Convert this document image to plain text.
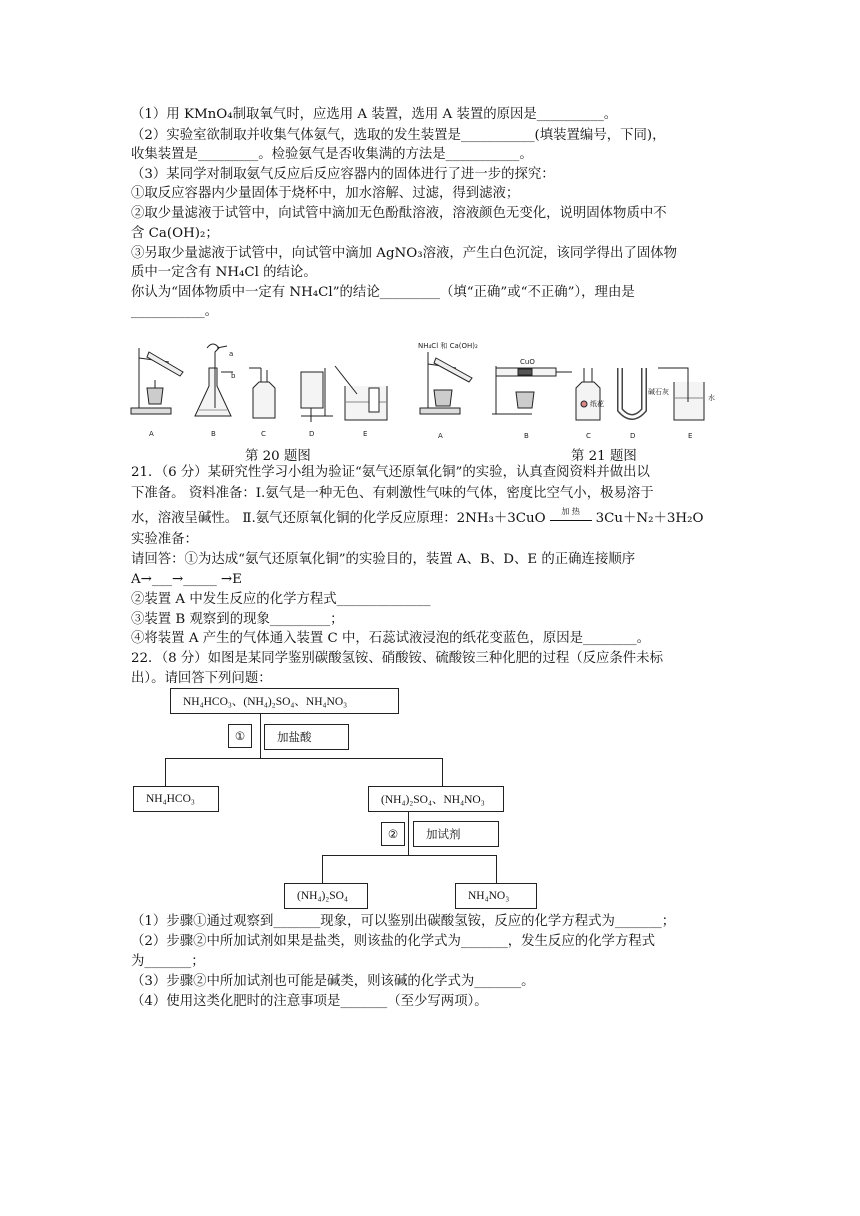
（1）用 KMnO₄制取氧气时，应选用 A 装置，选用 A 装置的原因是__________。
（2）实验室欲制取并收集气体氨气，选取的发生装置是___________(填装置编号，下同)，
收集装置是_________。检验氨气是否收集满的方法是___________。
（3）某同学对制取氨气反应后反应容器内的固体进行了进一步的探究：
①取反应容器内少量固体于烧杯中，加水溶解、过滤，得到滤液；
②取少量滤液于试管中，向试管中滴加无色酚酞溶液，溶液颜色无变化，说明固体物质中不
含 Ca(OH)₂；
③另取少量滤液于试管中，向试管中滴加 AgNO₃溶液，产生白色沉淀，该同学得出了固体物
质中一定含有 NH₄Cl 的结论。
你认为“固体物质中一定有 NH₄Cl”的结论_________（填“正确”或“不正确”），理由是
___________。
A	B	C	D	E
a
b
NH₄Cl 和 Ca(OH)₂
CuO
纸花
碱石灰
水
A	B	C	D	E
第 20 题图	第 21 题图
21．（6 分）某研究性学习小组为验证“氨气还原氧化铜”的实验，认真查阅资料并做出以
下准备。 资料准备：Ⅰ.氨气是一种无色、有刺激性气味的气体，密度比空气小，极易溶于
水，溶液呈碱性。 Ⅱ.氨气还原氧化铜的化学反应原理：2NH₃＋3CuO	加 热	3Cu＋N₂＋3H₂O
实验准备：
请回答：①为达成“氨气还原氧化铜”的实验目的，装置 A、B、D、E 的正确连接顺序
A→___→_____ →E
②装置 A 中发生反应的化学方程式______________
③装置 B 观察到的现象_________；
④将装置 A 产生的气体通入装置 C 中，石蕊试液浸泡的纸花变蓝色，原因是________。
22．（8 分）如图是某同学鉴别碳酸氢铵、硝酸铵、硫酸铵三种化肥的过程（反应条件未标
出）。请回答下列问题：
NH₄HCO₃、(NH₄)₂SO₄、NH₄NO₃
①	加盐酸
NH₄HCO₃	(NH₄)₂SO₄、NH₄NO₃
②	加试剂
(NH₄)₂SO₄	NH₄NO₃
（1）步骤①通过观察到_______现象，可以鉴别出碳酸氢铵，反应的化学方程式为_______；
（2）步骤②中所加试剂如果是盐类，则该盐的化学式为_______，发生反应的化学方程式
为_______；
（3）步骤②中所加试剂也可能是碱类，则该碱的化学式为_______。
（4）使用这类化肥时的注意事项是_______（至少写两项）。
